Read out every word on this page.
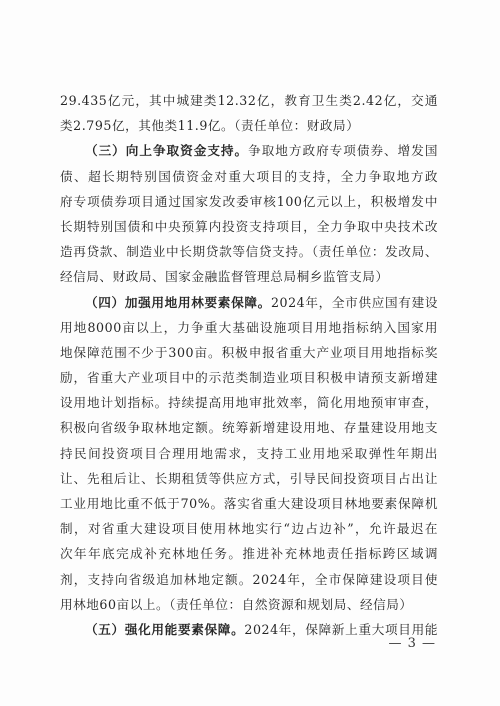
29.435亿元，其中城建类12.32亿，教育卫生类2.42亿，交通
类2.795亿，其他类11.9亿。（责任单位：财政局）
（三）向上争取资金支持。争取地方政府专项债券、增发国
债、超长期特别国债资金对重大项目的支持，全力争取地方政
府专项债券项目通过国家发改委审核100亿元以上，积极增发中
长期特别国债和中央预算内投资支持项目，全力争取中央技术改
造再贷款、制造业中长期贷款等信贷支持。（责任单位：发改局、
经信局、财政局、国家金融监督管理总局桐乡监管支局）
（四）加强用地用林要素保障。2024年，全市供应国有建设
用地8000亩以上，力争重大基础设施项目用地指标纳入国家用
地保障范围不少于300亩。积极申报省重大产业项目用地指标奖
励，省重大产业项目中的示范类制造业项目积极申请预支新增建
设用地计划指标。持续提高用地审批效率，简化用地预审审查，
积极向省级争取林地定额。统筹新增建设用地、存量建设用地支
持民间投资项目合理用地需求，支持工业用地采取弹性年期出
让、先租后让、长期租赁等供应方式，引导民间投资项目占出让
工业用地比重不低于70%。落实省重大建设项目林地要素保障机
制，对省重大建设项目使用林地实行“边占边补”，允许最迟在
次年年底完成补充林地任务。推进补充林地责任指标跨区域调
剂，支持向省级追加林地定额。2024年，全市保障建设项目使
用林地60亩以上。（责任单位：自然资源和规划局、经信局）
（五）强化用能要素保障。2024年，保障新上重大项目用能
— 3 —
